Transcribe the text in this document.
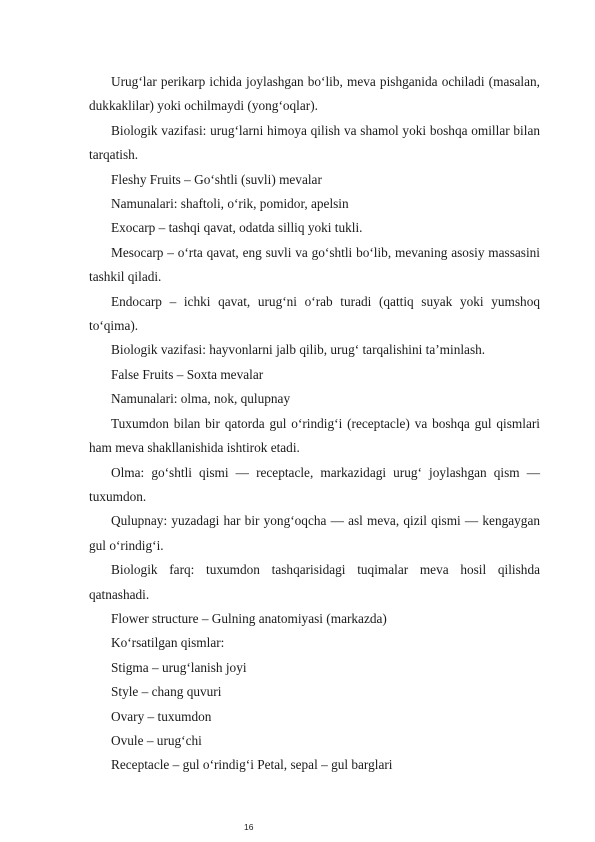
Urug‘lar perikarp ichida joylashgan bo‘lib, meva pishganida ochiladi (masalan, dukkaklilar) yoki ochilmaydi (yong‘oqlar).

Biologik vazifasi: urug‘larni himoya qilish va shamol yoki boshqa omillar bilan tarqatish.

Fleshy Fruits – Go‘shtli (suvli) mevalar

Namunalari: shaftoli, o‘rik, pomidor, apelsin

Exocarp – tashqi qavat, odatda silliq yoki tukli.

Mesocarp – o‘rta qavat, eng suvli va go‘shtli bo‘lib, mevaning asosiy massasini tashkil qiladi.

Endocarp – ichki qavat, urug‘ni o‘rab turadi (qattiq suyak yoki yumshoq to‘qima).

Biologik vazifasi: hayvonlarni jalb qilib, urug‘ tarqalishini ta’minlash.

False Fruits – Soxta mevalar

Namunalari: olma, nok, qulupnay

Tuxumdon bilan bir qatorda gul o‘rindig‘i (receptacle) va boshqa gul qismlari ham meva shakllanishida ishtirok etadi.

Olma: go‘shtli qismi — receptacle, markazidagi urug‘ joylashgan qism — tuxumdon.

Qulupnay: yuzadagi har bir yong‘oqcha — asl meva, qizil qismi — kengaygan gul o‘rindig‘i.

Biologik farq: tuxumdon tashqarisidagi tuqimalar meva hosil qilishda qatnashadi.

Flower structure – Gulning anatomiyasi (markazda)

Ko‘rsatilgan qismlar:

Stigma – urug‘lanish joyi

Style – chang quvuri

Ovary – tuxumdon

Ovule – urug‘chi

Receptacle – gul o‘rindig‘i Petal, sepal – gul barglari

16
